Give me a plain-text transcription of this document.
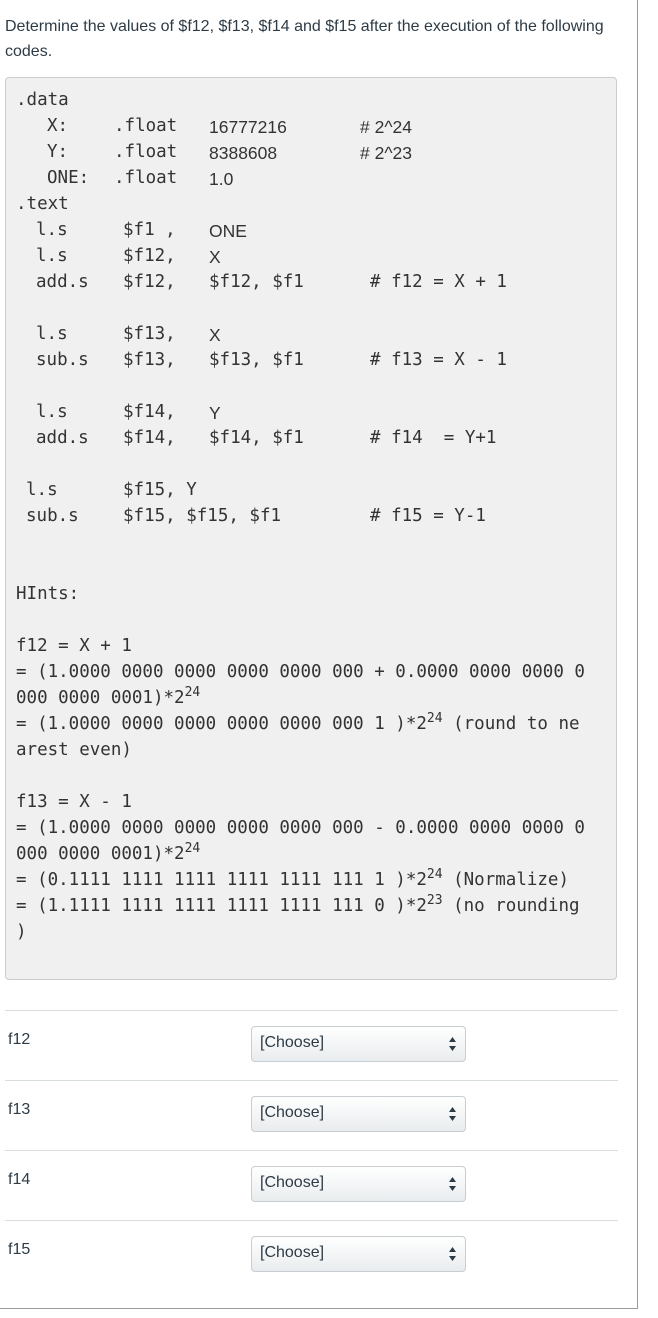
Determine the values of $f12, $f13, $f14 and $f15 after the execution of the following codes.
.data
X:	.float 16777216	# 2^24
Y:	.float 8388608	# 2^23
ONE: .float 1.0
.text
l.s	$f1 , ONE
l.s	$f12, X
add.s $f12, $f12, $f1	# f12 = X + 1
l.s	$f13, X
sub.s $f13, $f13, $f1	# f13 = X - 1
l.s	$f14, Y
add.s $f14, $f14, $f1	# f14  = Y+1
l.s	$f15, Y
sub.s	$f15, $f15, $f1	# f15 = Y-1
HInts:
f12 = X + 1
= (1.0000 0000 0000 0000 0000 000 + 0.0000 0000 0000 0
000 0000 $0001)*2^{24}$
= (1.0000 0000 0000 0000 0000 000 1 )$*2^{24}$ (round to ne
arest even)
f13 = X - 1
= (1.0000 0000 0000 0000 0000 000 - 0.0000 0000 0000 0
000 0000 $0001)*2^{24}$
= (0.1111 1111 1111 1111 1111 111 1 )$*2^{24}$ (Normalize)
= (1.1111 1111 1111 1111 1111 111 0 )$*2^{23}$ (no rounding
)
f12	[Choose]
f13	[Choose]
f14	[Choose]
f15	[Choose]
